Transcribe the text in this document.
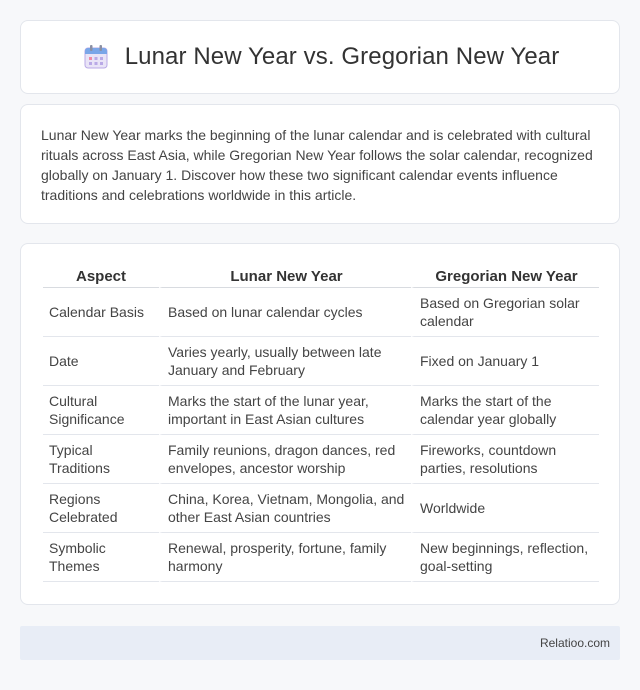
Lunar New Year vs. Gregorian New Year

Lunar New Year marks the beginning of the lunar calendar and is celebrated with cultural rituals across East Asia, while Gregorian New Year follows the solar calendar, recognized globally on January 1. Discover how these two significant calendar events influence traditions and celebrations worldwide in this article.

Aspect	Lunar New Year	Gregorian New Year
Calendar Basis	Based on lunar calendar cycles	Based on Gregorian solar calendar
Date	Varies yearly, usually between late January and February	Fixed on January 1
Cultural Significance	Marks the start of the lunar year, important in East Asian cultures	Marks the start of the calendar year globally
Typical Traditions	Family reunions, dragon dances, red envelopes, ancestor worship	Fireworks, countdown parties, resolutions
Regions Celebrated	China, Korea, Vietnam, Mongolia, and other East Asian countries	Worldwide
Symbolic Themes	Renewal, prosperity, fortune, family harmony	New beginnings, reflection, goal-setting
Relatioo.com
